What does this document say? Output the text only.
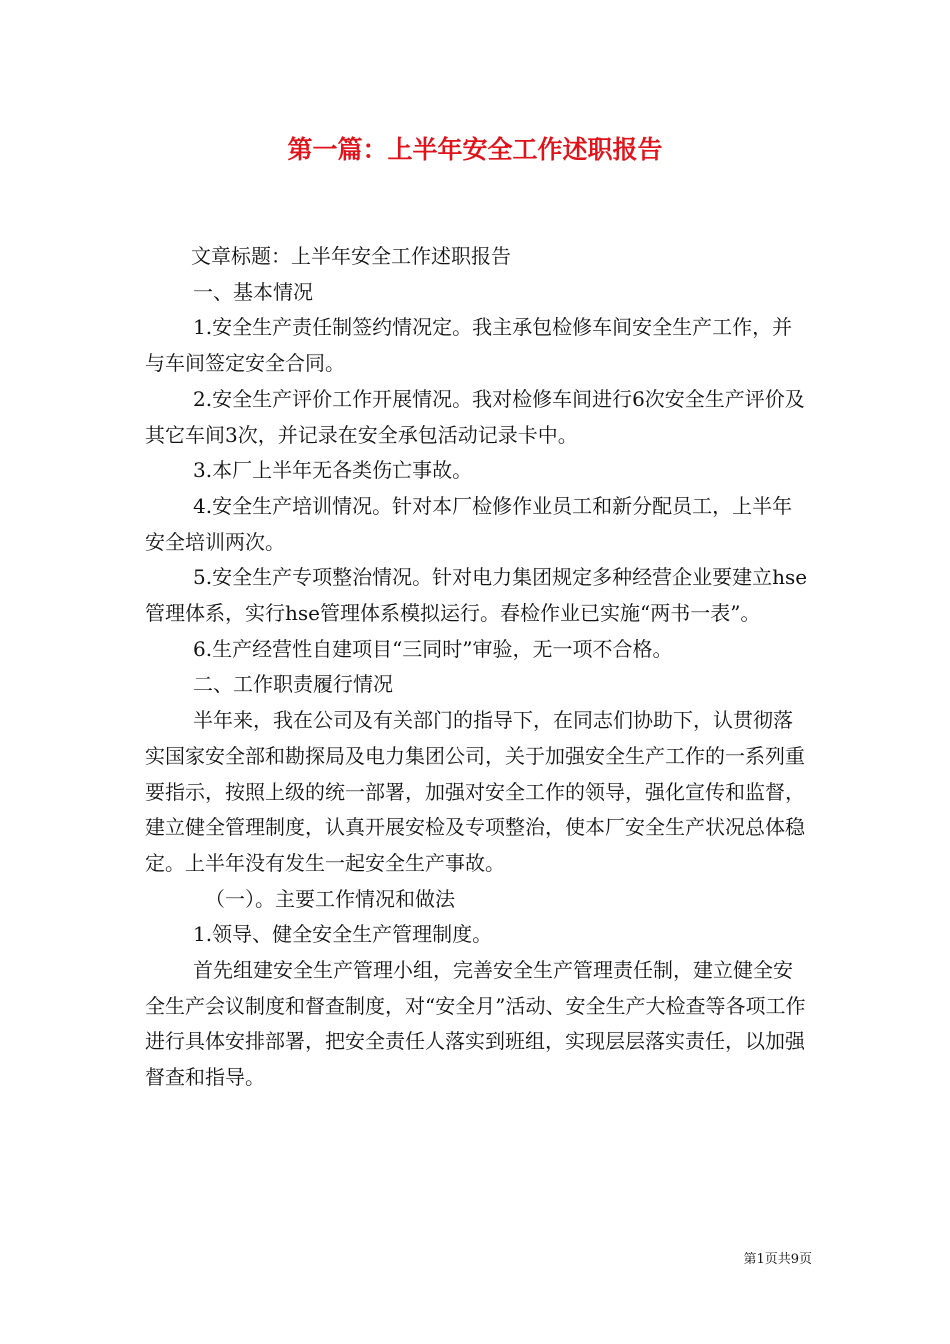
第一篇：上半年安全工作述职报告

文章标题：上半年安全工作述职报告

一、基本情况

1.安全生产责任制签约情况定。我主承包检修车间安全生产工作，并与车间签定安全合同。

2.安全生产评价工作开展情况。我对检修车间进行6次安全生产评价及其它车间3次，并记录在安全承包活动记录卡中。

3.本厂上半年无各类伤亡事故。

4.安全生产培训情况。针对本厂检修作业员工和新分配员工，上半年安全培训两次。

5.安全生产专项整治情况。针对电力集团规定多种经营企业要建立hse管理体系，实行hse管理体系模拟运行。春检作业已实施“两书一表”。

6.生产经营性自建项目“三同时”审验，无一项不合格。

二、工作职责履行情况

半年来，我在公司及有关部门的指导下，在同志们协助下，认贯彻落实国家安全部和勘探局及电力集团公司，关于加强安全生产工作的一系列重要指示，按照上级的统一部署，加强对安全工作的领导，强化宣传和监督，建立健全管理制度，认真开展安检及专项整治，使本厂安全生产状况总体稳定。上半年没有发生一起安全生产事故。

（一）。主要工作情况和做法

1.领导、健全安全生产管理制度。

首先组建安全生产管理小组，完善安全生产管理责任制，建立健全安全生产会议制度和督查制度，对“安全月”活动、安全生产大检查等各项工作进行具体安排部署，把安全责任人落实到班组，实现层层落实责任，以加强督查和指导。

第1页共9页
